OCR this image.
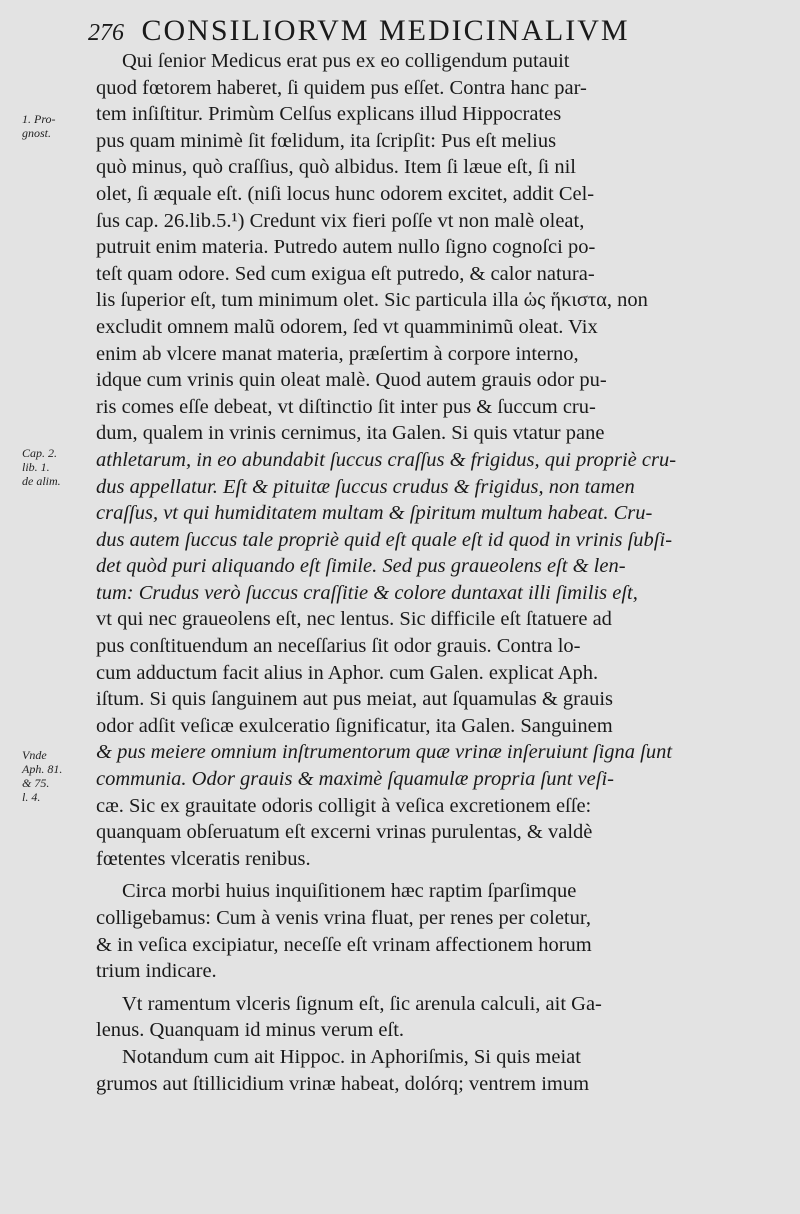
276 CONSILIORVM MEDICINALIVM
1. Pro-
gnost.
Cap. 2.
lib. 1.
de alim.
Vnde
Aph. 81.
& 75.
l. 4.
Qui ſenior Medicus erat pus ex eo colligendum putauit
quod fœtorem haberet, ſi quidem pus eſſet. Contra hanc par-
tem inſiſtitur. Primùm Celſus explicans illud Hippocrates
pus quam minimè ſit fœlidum, ita ſcripſit: Pus eſt melius
quò minus, quò craſſius, quò albidus. Item ſi læue eſt, ſi nil
olet, ſi æquale eſt. (niſi locus hunc odorem excitet, addit Cel-
ſus cap. 26.lib.5.¹) Credunt vix fieri poſſe vt non malè oleat,
putruit enim materia. Putredo autem nullo ſigno cognoſci po-
teſt quam odore. Sed cum exigua eſt putredo, & calor natura-
lis ſuperior eſt, tum minimum olet. Sic particula illa ὡς ἥκιστα, non
excludit omnem malũ odorem, ſed vt quamminimũ oleat. Vix
enim ab vlcere manat materia, præſertim à corpore interno,
idque cum vrinis quin oleat malè. Quod autem grauis odor pu-
ris comes eſſe debeat, vt diſtinctio ſit inter pus & ſuccum cru-
dum, qualem in vrinis cernimus, ita Galen. Si quis vtatur pane
athletarum, in eo abundabit ſuccus craſſus & frigidus, qui propriè cru-
dus appellatur. Eſt & pituitæ ſuccus crudus & frigidus, non tamen
craſſus, vt qui humiditatem multam & ſpiritum multum habeat. Cru-
dus autem ſuccus tale propriè quid eſt quale eſt id quod in vrinis ſubſi-
det quòd puri aliquando eſt ſimile. Sed pus graueolens eſt & len-
tum: Crudus verò ſuccus craſſitie & colore duntaxat illi ſimilis eſt,
vt qui nec graueolens eſt, nec lentus. Sic difficile eſt ſtatuere ad
pus conſtituendum an neceſſarius ſit odor grauis. Contra lo-
cum adductum facit alius in Aphor. cum Galen. explicat Aph.
iſtum. Si quis ſanguinem aut pus meiat, aut ſquamulas & grauis
odor adſit veſicæ exulceratio ſignificatur, ita Galen. Sanguinem
& pus meiere omnium inſtrumentorum quæ vrinæ inſeruiunt ſigna ſunt
communia. Odor grauis & maximè ſquamulæ propria ſunt veſi-
cæ. Sic ex grauitate odoris colligit à veſica excretionem eſſe:
quanquam obſeruatum eſt excerni vrinas purulentas, & valdè
fœtentes vlceratis renibus.
Circa morbi huius inquiſitionem hæc raptim ſparſimque
colligebamus: Cum à venis vrina fluat, per renes per coletur,
& in veſica excipiatur, neceſſe eſt vrinam affectionem horum
trium indicare.
Vt ramentum vlceris ſignum eſt, ſic arenula calculi, ait Ga-
lenus. Quanquam id minus verum eſt.
Notandum cum ait Hippoc. in Aphoriſmis, Si quis meiat
grumos aut ſtillicidium vrinæ habeat, dolórq; ventrem imum
